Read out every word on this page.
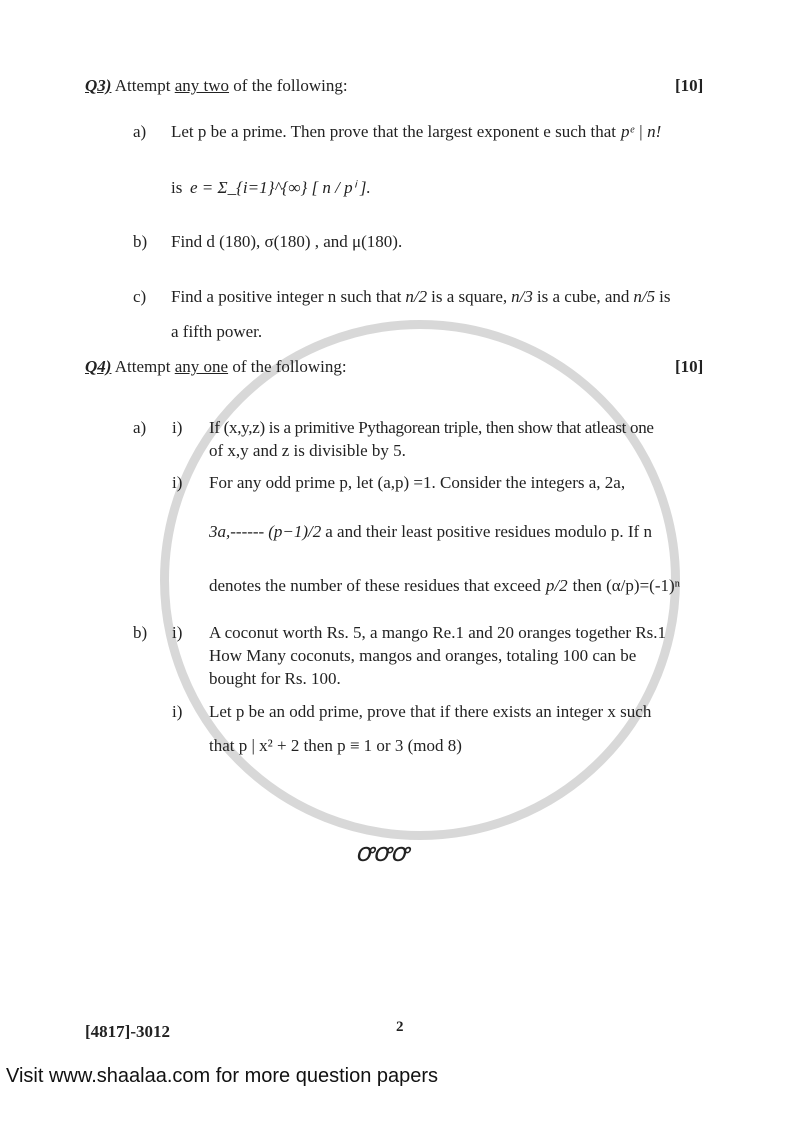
Q3) Attempt any two of the following:	[10]
a) Let p be a prime. Then prove that the largest exponent e such that pᵉ | n!
is e = Σ_{i=1}^{∞} [ n / pⁱ ].
b) Find d (180), σ(180) , and μ(180).
c) Find a positive integer n such that n/2 is a square, n/3 is a cube, and n/5 is
a fifth power.
Q4) Attempt any one of the following:	[10]
a) i) If (x,y,z) is a primitive Pythagorean triple, then show that atleast one
of x,y and z is divisible by 5.
i) For any odd prime p, let (a,p) =1. Consider the integers a, 2a,
3a,------ (p−1)/2 a and their least positive residues modulo p. If n
denotes the number of these residues that exceed p/2 then (α/p)=(-1)ⁿ
b) i) A coconut worth Rs. 5, a mango Re.1 and 20 oranges together Rs.1
How Many coconuts, mangos and oranges, totaling 100 can be
bought for Rs. 100.
i) Let p be an odd prime, prove that if there exists an integer x such
that p | x² + 2 then p ≡ 1 or 3 (mod 8)
ꝍꝍꝍ
[4817]-3012	2
Visit www.shaalaa.com for more question papers
